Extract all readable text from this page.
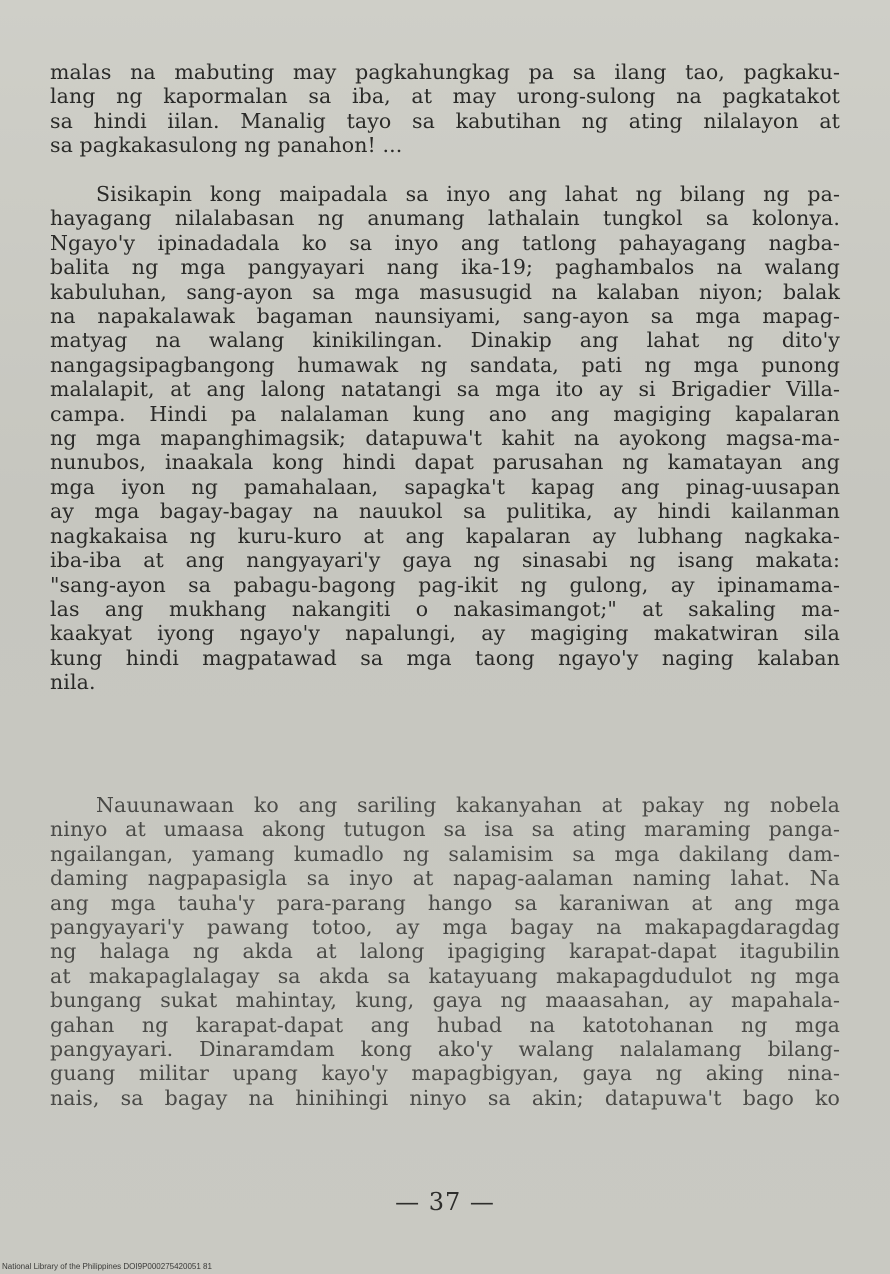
malas na mabuting may pagkahungkag pa sa ilang tao, pagkaku-
lang ng kapormalan sa iba, at may urong-sulong na pagkatakot
sa hindi iilan. Manalig tayo sa kabutihan ng ating nilalayon at
sa pagkakasulong ng panahon! ...
Sisikapin kong maipadala sa inyo ang lahat ng bilang ng pa-
hayagang nilalabasan ng anumang lathalain tungkol sa kolonya.
Ngayo'y ipinadadala ko sa inyo ang tatlong pahayagang nagba-
balita ng mga pangyayari nang ika-19; paghambalos na walang
kabuluhan, sang-ayon sa mga masusugid na kalaban niyon; balak
na napakalawak bagaman naunsiyami, sang-ayon sa mga mapag-
matyag na walang kinikilingan. Dinakip ang lahat ng dito'y
nangagsipagbangong humawak ng sandata, pati ng mga punong
malalapit, at ang lalong natatangi sa mga ito ay si Brigadier Villa-
campa. Hindi pa nalalaman kung ano ang magiging kapalaran
ng mga mapanghimagsik; datapuwa't kahit na ayokong magsa-ma-
nunubos, inaakala kong hindi dapat parusahan ng kamatayan ang
mga iyon ng pamahalaan, sapagka't kapag ang pinag-uusapan
ay mga bagay-bagay na nauukol sa pulitika, ay hindi kailanman
nagkakaisa ng kuru-kuro at ang kapalaran ay lubhang nagkaka-
iba-iba at ang nangyayari'y gaya ng sinasabi ng isang makata:
"sang-ayon sa pabagu-bagong pag-ikit ng gulong, ay ipinamama-
las ang mukhang nakangiti o nakasimangot;" at sakaling ma-
kaakyat iyong ngayo'y napalungi, ay magiging makatwiran sila
kung hindi magpatawad sa mga taong ngayo'y naging kalaban
nila.
Nauunawaan ko ang sariling kakanyahan at pakay ng nobela
ninyo at umaasa akong tutugon sa isa sa ating maraming panga-
ngailangan, yamang kumadlo ng salamisim sa mga dakilang dam-
daming nagpapasigla sa inyo at napag-aalaman naming lahat. Na
ang mga tauha'y para-parang hango sa karaniwan at ang mga
pangyayari'y pawang totoo, ay mga bagay na makapagdaragdag
ng halaga ng akda at lalong ipagiging karapat-dapat itagubilin
at makapaglalagay sa akda sa katayuang makapagdudulot ng mga
bungang sukat mahintay, kung, gaya ng maaasahan, ay mapahala-
gahan ng karapat-dapat ang hubad na katotohanan ng mga
pangyayari. Dinaramdam kong ako'y walang nalalamang bilang-
guang militar upang kayo'y mapagbigyan, gaya ng aking nina-
nais, sa bagay na hinihingi ninyo sa akin; datapuwa't bago ko
— 37 —
National Library of the Philippines DOI9P000275420051 81
